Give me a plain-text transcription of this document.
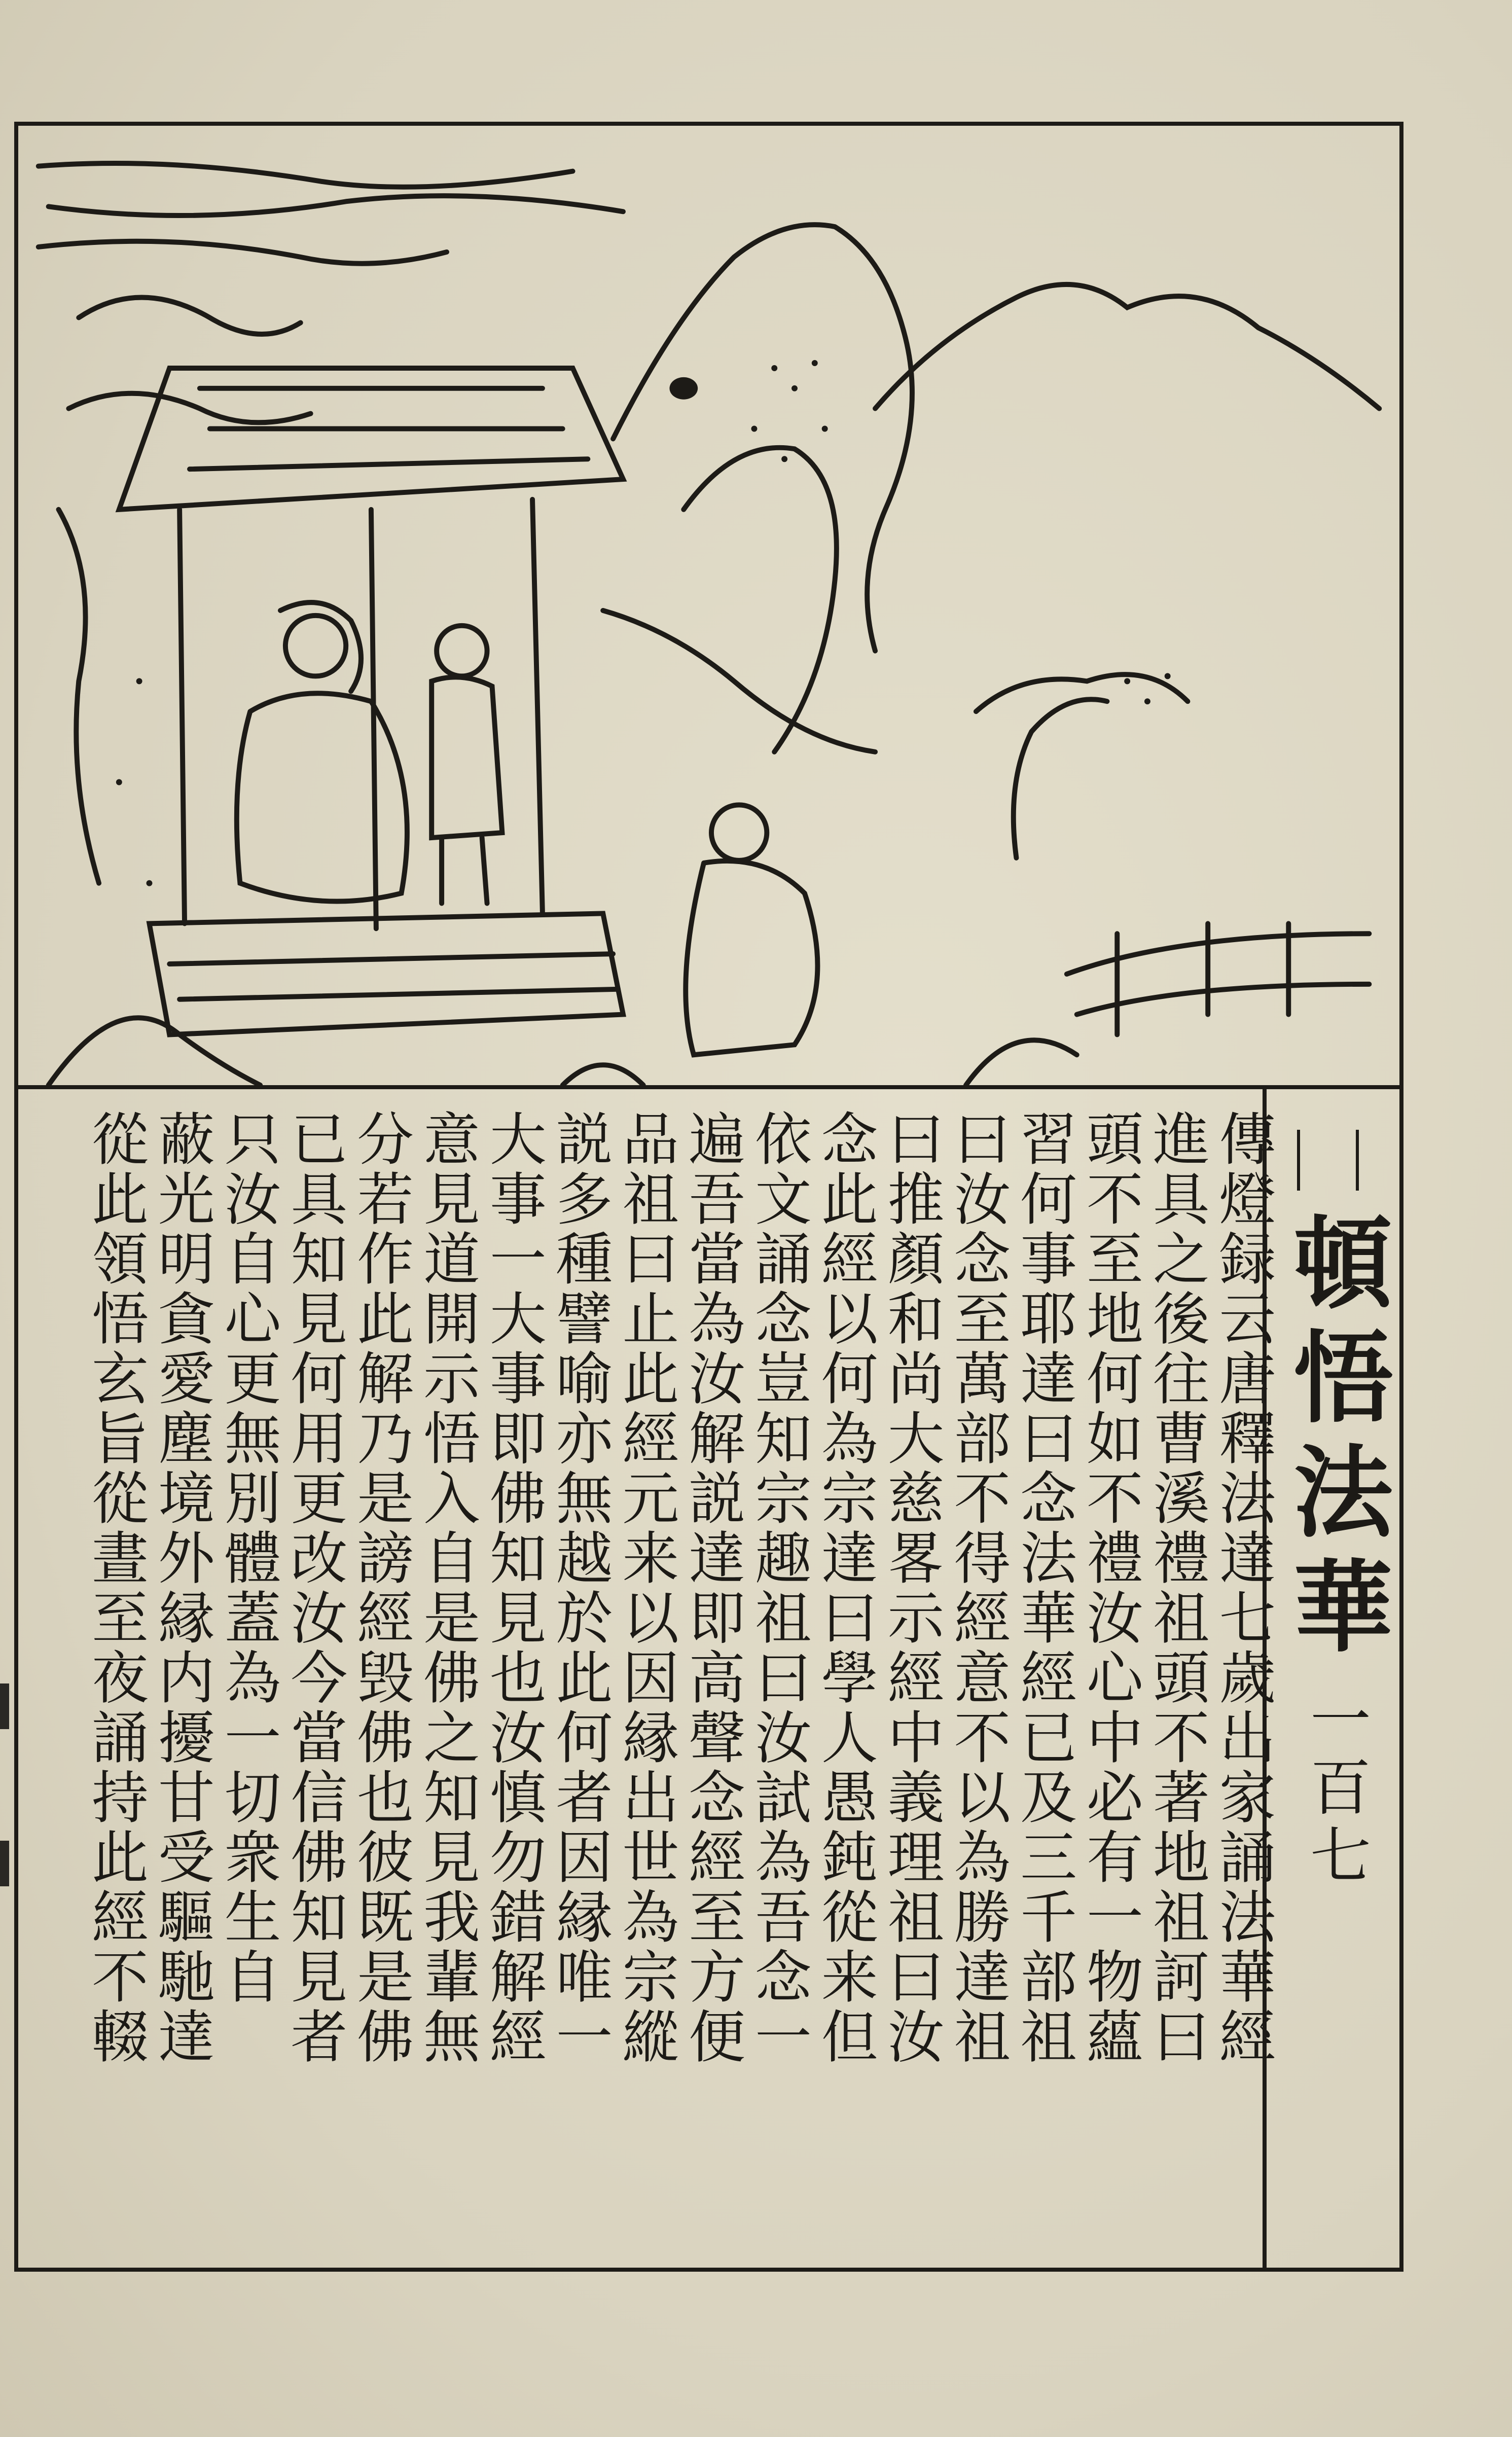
頓悟法華
一百七
傳燈録云唐釋法達七歲出家誦法華經
進具之後往曹溪禮祖頭不著地祖訶曰
頭不至地何如不禮汝心中必有一物蘊
習何事耶達曰念法華經已及三千部祖
曰汝念至萬部不得經意不以為勝達祖
曰推顏和尚大慈畧示經中義理祖曰汝
念此經以何為宗達曰學人愚鈍從来但
依文誦念豈知宗趣祖曰汝試為吾念一
遍吾當為汝解説達即高聲念經至方便
品祖曰止此經元来以因縁出世為宗縱
説多種譬喻亦無越於此何者因縁唯一
大事一大事即佛知見也汝慎勿錯解經
意見道開示悟入自是佛之知見我輩無
分若作此解乃是謗經毁佛也彼既是佛
已具知見何用更改汝今當信佛知見者
只汝自心更無別體蓋為一切衆生自
蔽光明貪愛塵境外縁内擾甘受驅馳達
從此領悟玄旨從晝至夜誦持此經不輟
